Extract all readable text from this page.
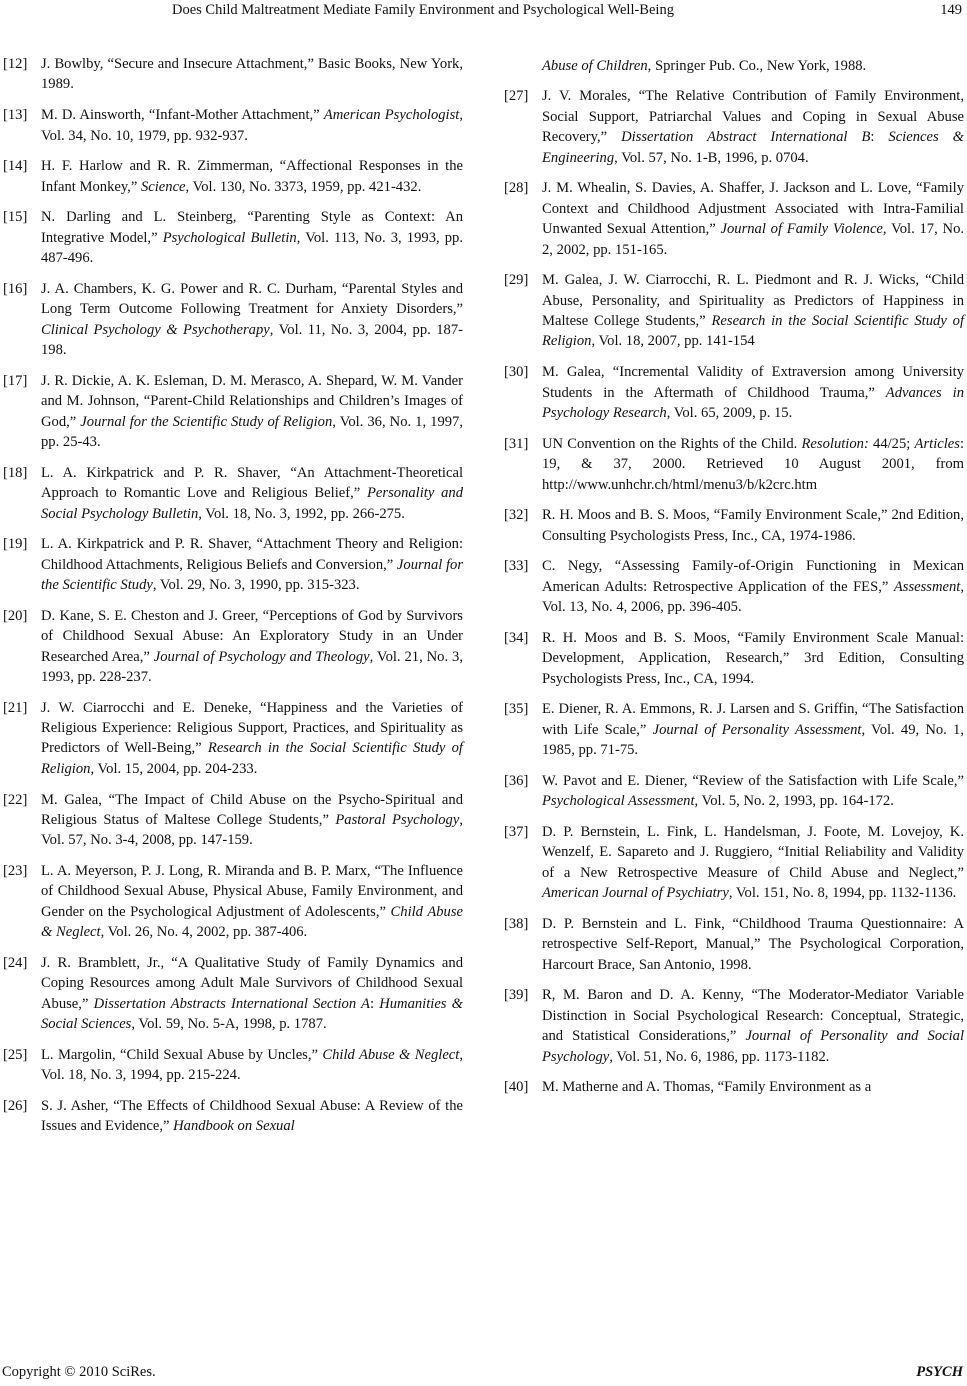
Does Child Maltreatment Mediate Family Environment and Psychological Well-Being	149
[12] J. Bowlby, “Secure and Insecure Attachment,” Basic Books, New York, 1989.
[13] M. D. Ainsworth, “Infant-Mother Attachment,” American Psychologist, Vol. 34, No. 10, 1979, pp. 932-937.
[14] H. F. Harlow and R. R. Zimmerman, “Affectional Responses in the Infant Monkey,” Science, Vol. 130, No. 3373, 1959, pp. 421-432.
[15] N. Darling and L. Steinberg, “Parenting Style as Context: An Integrative Model,” Psychological Bulletin, Vol. 113, No. 3, 1993, pp. 487-496.
[16] J. A. Chambers, K. G. Power and R. C. Durham, “Parental Styles and Long Term Outcome Following Treatment for Anxiety Disorders,” Clinical Psychology & Psychotherapy, Vol. 11, No. 3, 2004, pp. 187-198.
[17] J. R. Dickie, A. K. Esleman, D. M. Merasco, A. Shepard, W. M. Vander and M. Johnson, “Parent-Child Relationships and Children’s Images of God,” Journal for the Scientific Study of Religion, Vol. 36, No. 1, 1997, pp. 25-43.
[18] L. A. Kirkpatrick and P. R. Shaver, “An Attachment-Theoretical Approach to Romantic Love and Religious Belief,” Personality and Social Psychology Bulletin, Vol. 18, No. 3, 1992, pp. 266-275.
[19] L. A. Kirkpatrick and P. R. Shaver, “Attachment Theory and Religion: Childhood Attachments, Religious Beliefs and Conversion,” Journal for the Scientific Study, Vol. 29, No. 3, 1990, pp. 315-323.
[20] D. Kane, S. E. Cheston and J. Greer, “Perceptions of God by Survivors of Childhood Sexual Abuse: An Exploratory Study in an Under Researched Area,” Journal of Psychology and Theology, Vol. 21, No. 3, 1993, pp. 228-237.
[21] J. W. Ciarrocchi and E. Deneke, “Happiness and the Varieties of Religious Experience: Religious Support, Practices, and Spirituality as Predictors of Well-Being,” Research in the Social Scientific Study of Religion, Vol. 15, 2004, pp. 204-233.
[22] M. Galea, “The Impact of Child Abuse on the Psycho-Spiritual and Religious Status of Maltese College Students,” Pastoral Psychology, Vol. 57, No. 3-4, 2008, pp. 147-159.
[23] L. A. Meyerson, P. J. Long, R. Miranda and B. P. Marx, “The Influence of Childhood Sexual Abuse, Physical Abuse, Family Environment, and Gender on the Psychological Adjustment of Adolescents,” Child Abuse & Neglect, Vol. 26, No. 4, 2002, pp. 387-406.
[24] J. R. Bramblett, Jr., “A Qualitative Study of Family Dynamics and Coping Resources among Adult Male Survivors of Childhood Sexual Abuse,” Dissertation Abstracts International Section A: Humanities & Social Sciences, Vol. 59, No. 5-A, 1998, p. 1787.
[25] L. Margolin, “Child Sexual Abuse by Uncles,” Child Abuse & Neglect, Vol. 18, No. 3, 1994, pp. 215-224.
[26] S. J. Asher, “The Effects of Childhood Sexual Abuse: A Review of the Issues and Evidence,” Handbook on Sexual
Abuse of Children, Springer Pub. Co., New York, 1988.
[27] J. V. Morales, “The Relative Contribution of Family Environment, Social Support, Patriarchal Values and Coping in Sexual Abuse Recovery,” Dissertation Abstract International B: Sciences & Engineering, Vol. 57, No. 1-B, 1996, p. 0704.
[28] J. M. Whealin, S. Davies, A. Shaffer, J. Jackson and L. Love, “Family Context and Childhood Adjustment Associated with Intra-Familial Unwanted Sexual Attention,” Journal of Family Violence, Vol. 17, No. 2, 2002, pp. 151-165.
[29] M. Galea, J. W. Ciarrocchi, R. L. Piedmont and R. J. Wicks, “Child Abuse, Personality, and Spirituality as Predictors of Happiness in Maltese College Students,” Research in the Social Scientific Study of Religion, Vol. 18, 2007, pp. 141-154
[30] M. Galea, “Incremental Validity of Extraversion among University Students in the Aftermath of Childhood Trauma,” Advances in Psychology Research, Vol. 65, 2009, p. 15.
[31] UN Convention on the Rights of the Child. Resolution: 44/25; Articles: 19, & 37, 2000. Retrieved 10 August 2001, from http://www.unhchr.ch/html/menu3/b/k2crc.htm
[32] R. H. Moos and B. S. Moos, “Family Environment Scale,” 2nd Edition, Consulting Psychologists Press, Inc., CA, 1974-1986.
[33] C. Negy, “Assessing Family-of-Origin Functioning in Mexican American Adults: Retrospective Application of the FES,” Assessment, Vol. 13, No. 4, 2006, pp. 396-405.
[34] R. H. Moos and B. S. Moos, “Family Environment Scale Manual: Development, Application, Research,” 3rd Edition, Consulting Psychologists Press, Inc., CA, 1994.
[35] E. Diener, R. A. Emmons, R. J. Larsen and S. Griffin, “The Satisfaction with Life Scale,” Journal of Personality Assessment, Vol. 49, No. 1, 1985, pp. 71-75.
[36] W. Pavot and E. Diener, “Review of the Satisfaction with Life Scale,” Psychological Assessment, Vol. 5, No. 2, 1993, pp. 164-172.
[37] D. P. Bernstein, L. Fink, L. Handelsman, J. Foote, M. Lovejoy, K. Wenzelf, E. Sapareto and J. Ruggiero, “Initial Reliability and Validity of a New Retrospective Measure of Child Abuse and Neglect,” American Journal of Psychiatry, Vol. 151, No. 8, 1994, pp. 1132-1136.
[38] D. P. Bernstein and L. Fink, “Childhood Trauma Questionnaire: A retrospective Self-Report, Manual,” The Psychological Corporation, Harcourt Brace, San Antonio, 1998.
[39] R, M. Baron and D. A. Kenny, “The Moderator-Mediator Variable Distinction in Social Psychological Research: Conceptual, Strategic, and Statistical Considerations,” Journal of Personality and Social Psychology, Vol. 51, No. 6, 1986, pp. 1173-1182.
[40] M. Matherne and A. Thomas, “Family Environment as a
Copyright © 2010 SciRes.	PSYCH
